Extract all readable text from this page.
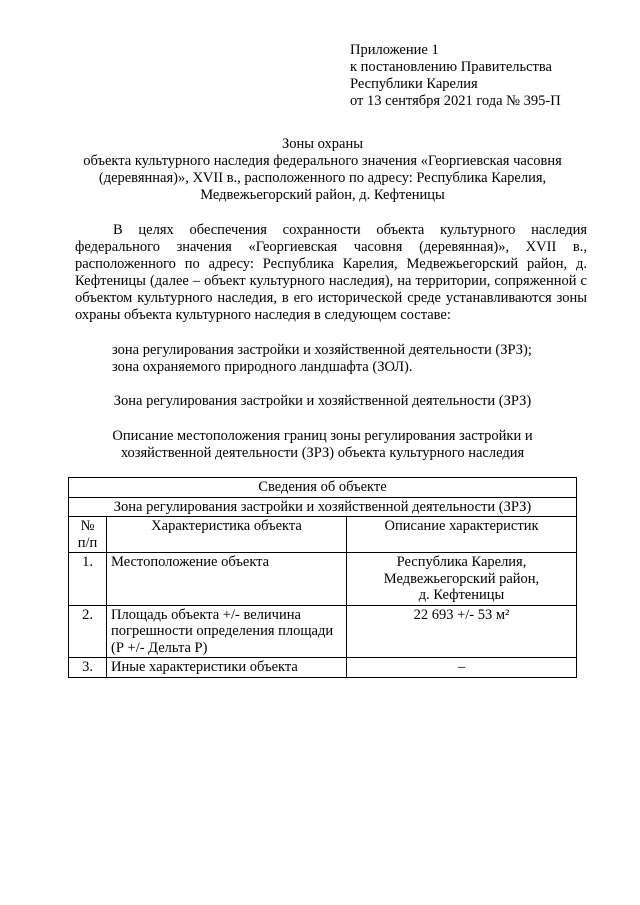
Приложение 1
к постановлению Правительства
Республики Карелия
от 13 сентября 2021 года № 395-П
Зоны охраны
объекта культурного наследия федерального значения «Георгиевская часовня
(деревянная)», XVII в., расположенного по адресу: Республика Карелия,
Медвежьегорский район, д. Кефтеницы

В целях обеспечения сохранности объекта культурного наследия федерального значения «Георгиевская часовня (деревянная)», XVII в., расположенного по адресу: Республика Карелия, Медвежьегорский район, д. Кефтеницы (далее – объект культурного наследия), на территории, сопряженной с объектом культурного наследия, в его исторической среде устанавливаются зоны охраны объекта культурного наследия в следующем составе:

зона регулирования застройки и хозяйственной деятельности (ЗРЗ);
зона охраняемого природного ландшафта (ЗОЛ).
Зона регулирования застройки и хозяйственной деятельности (ЗРЗ)
Описание местоположения границ зоны регулирования застройки и
хозяйственной деятельности (ЗРЗ) объекта культурного наследия
Сведения об объекте		
Зона регулирования застройки и хозяйственной деятельности (ЗРЗ)		
№ п/п	Характеристика объекта	Описание характеристик
1.	Местоположение объекта	Республика Карелия,
Медвежьегорский район,
д. Кефтеницы

2.	Площадь объекта +/- величина погрешности определения площади (Р +/- Дельта Р)	22 693 +/- 53 м²
3.	Иные характеристики объекта	–
